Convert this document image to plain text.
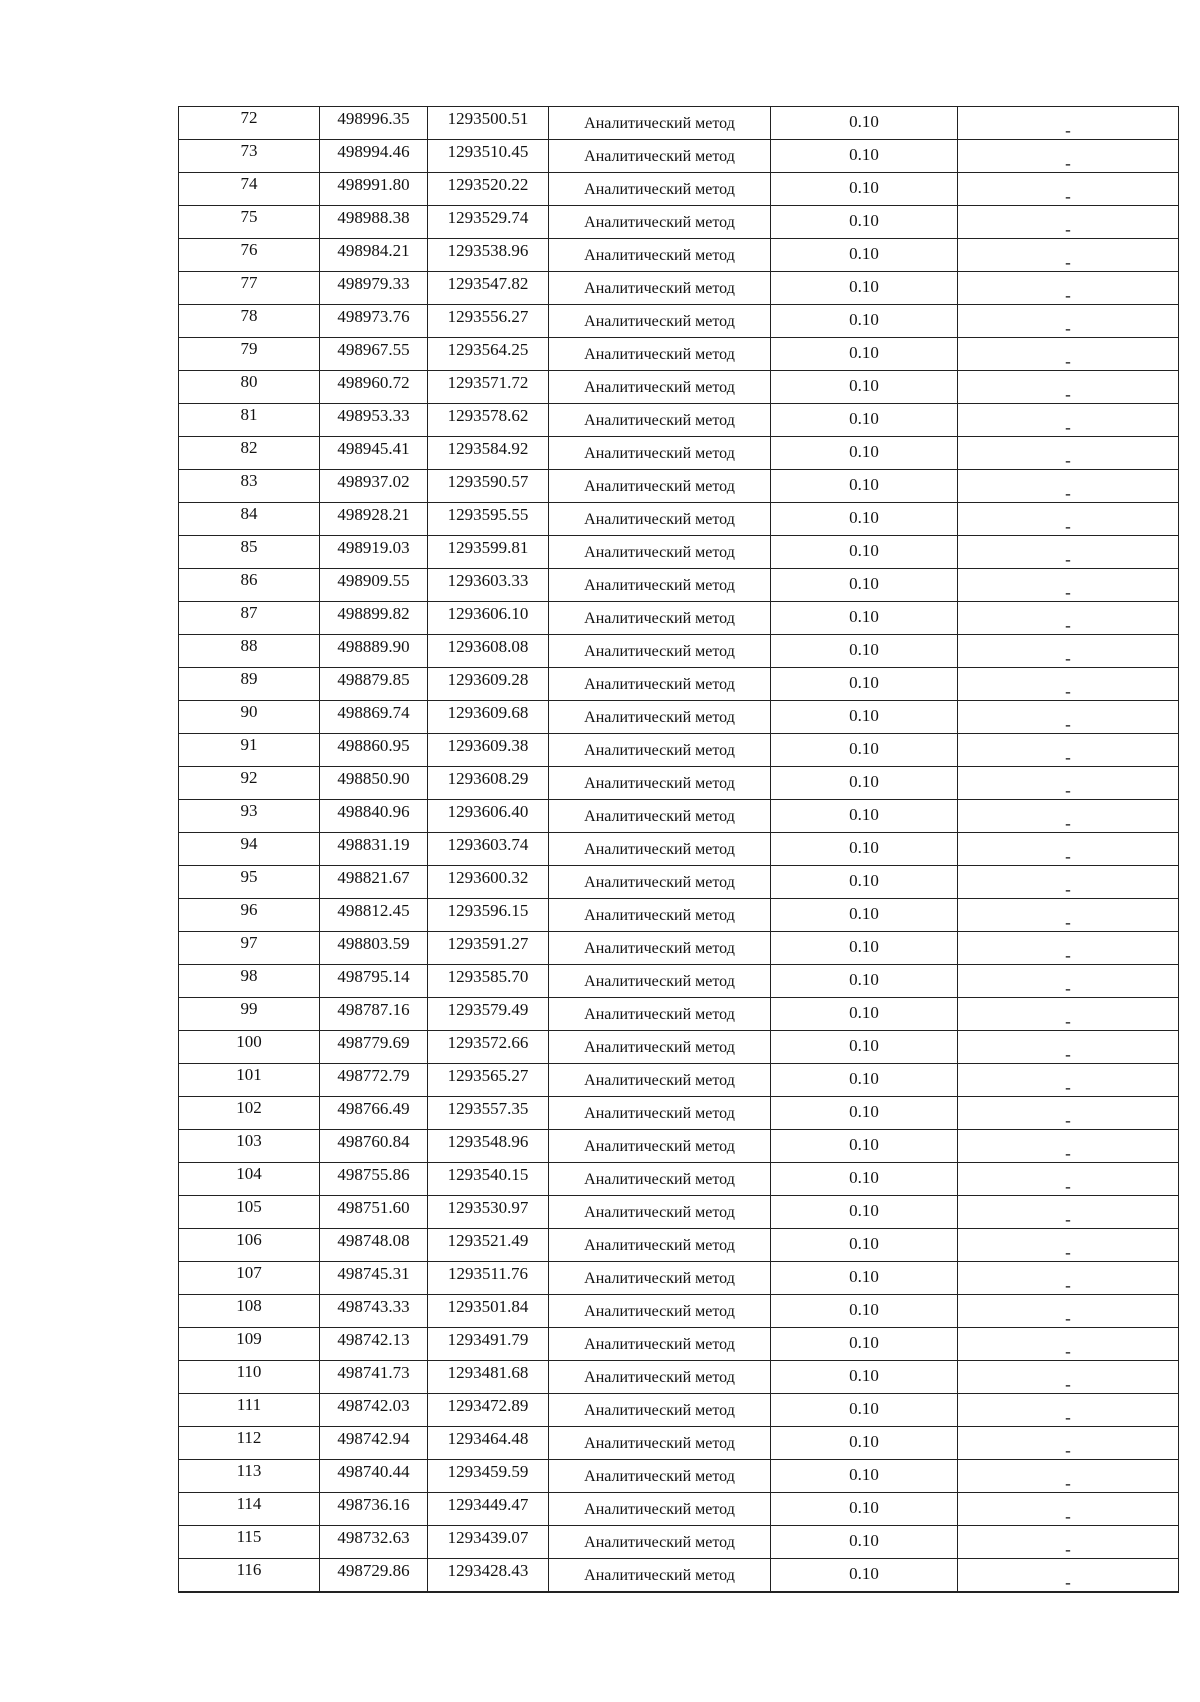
72	498996.35	1293500.51	Аналитический метод	0.10	-
73	498994.46	1293510.45	Аналитический метод	0.10	-
74	498991.80	1293520.22	Аналитический метод	0.10	-
75	498988.38	1293529.74	Аналитический метод	0.10	-
76	498984.21	1293538.96	Аналитический метод	0.10	-
77	498979.33	1293547.82	Аналитический метод	0.10	-
78	498973.76	1293556.27	Аналитический метод	0.10	-
79	498967.55	1293564.25	Аналитический метод	0.10	-
80	498960.72	1293571.72	Аналитический метод	0.10	-
81	498953.33	1293578.62	Аналитический метод	0.10	-
82	498945.41	1293584.92	Аналитический метод	0.10	-
83	498937.02	1293590.57	Аналитический метод	0.10	-
84	498928.21	1293595.55	Аналитический метод	0.10	-
85	498919.03	1293599.81	Аналитический метод	0.10	-
86	498909.55	1293603.33	Аналитический метод	0.10	-
87	498899.82	1293606.10	Аналитический метод	0.10	-
88	498889.90	1293608.08	Аналитический метод	0.10	-
89	498879.85	1293609.28	Аналитический метод	0.10	-
90	498869.74	1293609.68	Аналитический метод	0.10	-
91	498860.95	1293609.38	Аналитический метод	0.10	-
92	498850.90	1293608.29	Аналитический метод	0.10	-
93	498840.96	1293606.40	Аналитический метод	0.10	-
94	498831.19	1293603.74	Аналитический метод	0.10	-
95	498821.67	1293600.32	Аналитический метод	0.10	-
96	498812.45	1293596.15	Аналитический метод	0.10	-
97	498803.59	1293591.27	Аналитический метод	0.10	-
98	498795.14	1293585.70	Аналитический метод	0.10	-
99	498787.16	1293579.49	Аналитический метод	0.10	-
100	498779.69	1293572.66	Аналитический метод	0.10	-
101	498772.79	1293565.27	Аналитический метод	0.10	-
102	498766.49	1293557.35	Аналитический метод	0.10	-
103	498760.84	1293548.96	Аналитический метод	0.10	-
104	498755.86	1293540.15	Аналитический метод	0.10	-
105	498751.60	1293530.97	Аналитический метод	0.10	-
106	498748.08	1293521.49	Аналитический метод	0.10	-
107	498745.31	1293511.76	Аналитический метод	0.10	-
108	498743.33	1293501.84	Аналитический метод	0.10	-
109	498742.13	1293491.79	Аналитический метод	0.10	-
110	498741.73	1293481.68	Аналитический метод	0.10	-
111	498742.03	1293472.89	Аналитический метод	0.10	-
112	498742.94	1293464.48	Аналитический метод	0.10	-
113	498740.44	1293459.59	Аналитический метод	0.10	-
114	498736.16	1293449.47	Аналитический метод	0.10	-
115	498732.63	1293439.07	Аналитический метод	0.10	-
116	498729.86	1293428.43	Аналитический метод	0.10	-
